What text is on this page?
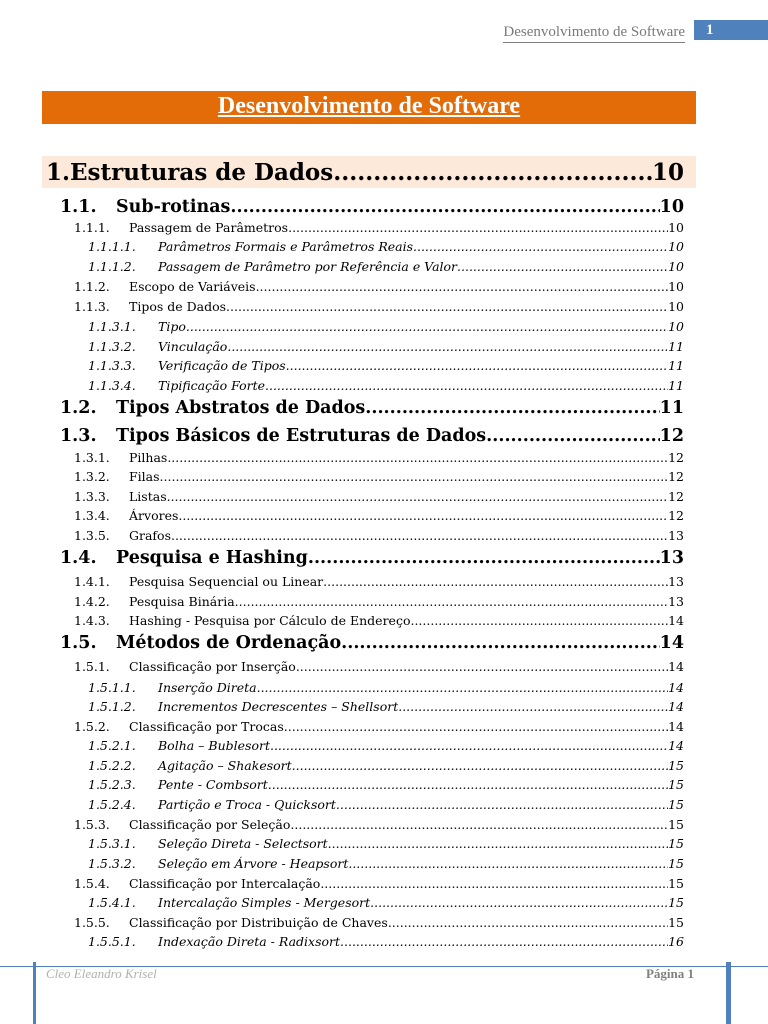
Desenvolvimento de Software	1
Desenvolvimento de Software
1. Estruturas de Dados .....	10
1.1.	Sub-rotinas .....	10
1.1.1.	Passagem de Parâmetros .....	10
1.1.1.1.	Parâmetros Formais e Parâmetros Reais .....	10
1.1.1.2.	Passagem de Parâmetro por Referência e Valor .....	10
1.1.2.	Escopo de Variáveis .....	10
1.1.3.	Tipos de Dados .....	10
1.1.3.1.	Tipo .....	10
1.1.3.2.	Vinculação .....	11
1.1.3.3.	Verificação de Tipos .....	11
1.1.3.4.	Tipificação Forte .....	11
1.2.	Tipos Abstratos de Dados .....	11
1.3.	Tipos Básicos de Estruturas de Dados .....	12
1.3.1.	Pilhas .....	12
1.3.2.	Filas .....	12
1.3.3.	Listas .....	12
1.3.4.	Árvores .....	12
1.3.5.	Grafos .....	13
1.4.	Pesquisa e Hashing .....	13
1.4.1.	Pesquisa Sequencial ou Linear .....	13
1.4.2.	Pesquisa Binária .....	13
1.4.3.	Hashing - Pesquisa por Cálculo de Endereço .....	14
1.5.	Métodos de Ordenação .....	14
1.5.1.	Classificação por Inserção .....	14
1.5.1.1.	Inserção Direta .....	14
1.5.1.2.	Incrementos Decrescentes – Shellsort .....	14
1.5.2.	Classificação por Trocas .....	14
1.5.2.1.	Bolha – Bublesort .....	14
1.5.2.2.	Agitação – Shakesort .....	15
1.5.2.3.	Pente - Combsort .....	15
1.5.2.4.	Partição e Troca - Quicksort .....	15
1.5.3.	Classificação por Seleção .....	15
1.5.3.1.	Seleção Direta - Selectsort .....	15
1.5.3.2.	Seleção em Árvore - Heapsort .....	15
1.5.4.	Classificação por Intercalação .....	15
1.5.4.1.	Intercalação Simples - Mergesort .....	15
1.5.5.	Classificação por Distribuição de Chaves .....	15
1.5.5.1.	Indexação Direta - Radixsort .....	16
Cleo Eleandro Krisel	Página 1
